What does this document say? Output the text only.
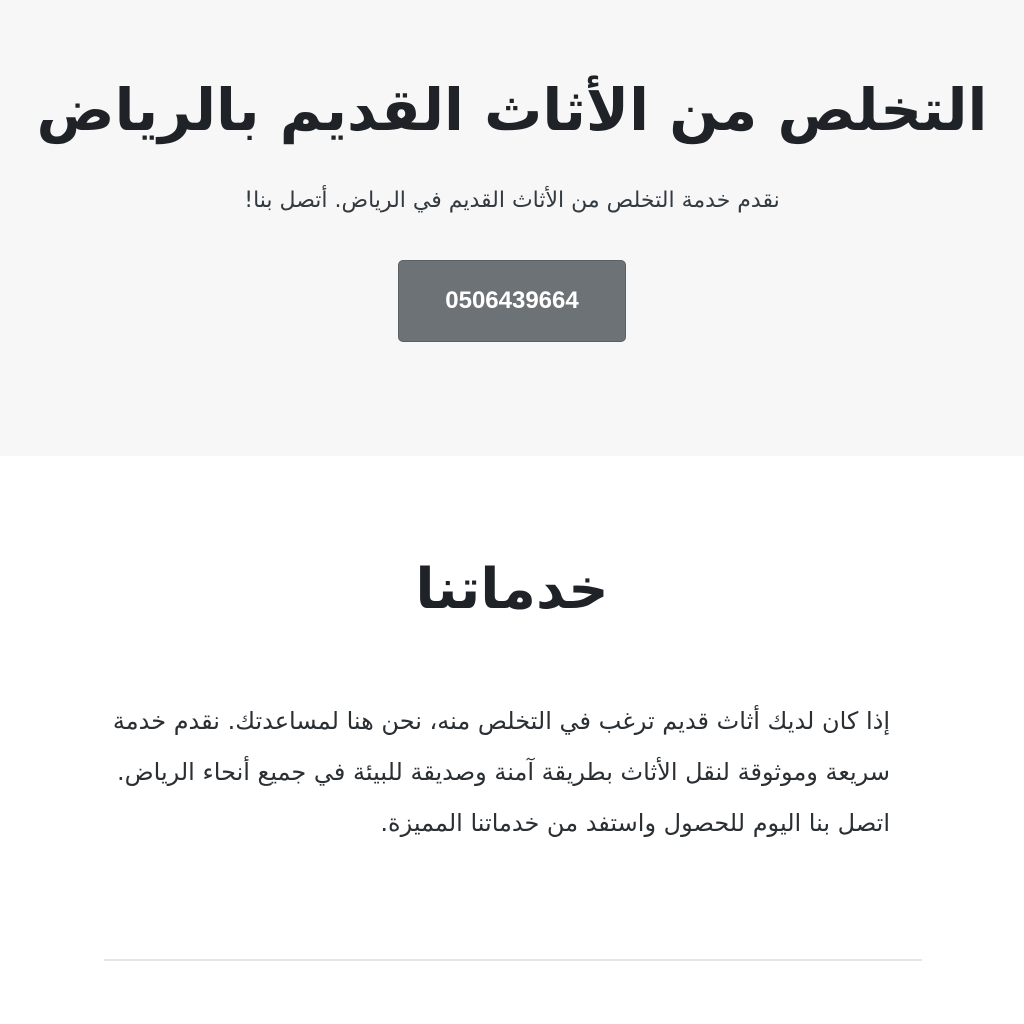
التخلص من الأثاث القديم بالرياض

نقدم خدمة التخلص من الأثاث القديم في الرياض. أتصل بنا!

0506439664
خدماتنا

إذا كان لديك أثاث قديم ترغب في التخلص منه، نحن هنا لمساعدتك. نقدم خدمة سريعة وموثوقة لنقل الأثاث بطريقة آمنة وصديقة للبيئة في جميع أنحاء الرياض. اتصل بنا اليوم للحصول واستفد من خدماتنا المميزة.
